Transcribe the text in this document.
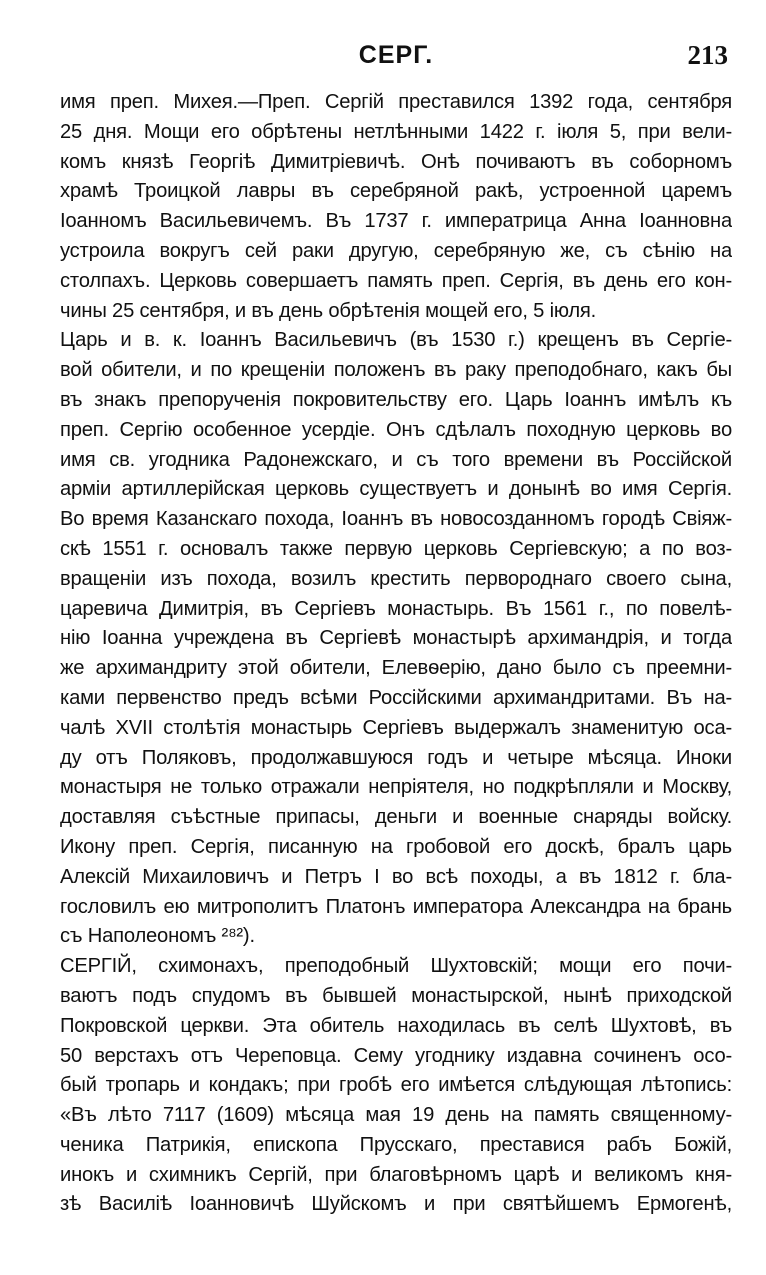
СЕРГ.	213
имя преп. Михея.—Преп. Сергій преставился 1392 года, сентября
25 дня. Мощи его обрѣтены нетлѣнными 1422 г. іюля 5, при вели-
комъ князѣ Георгіѣ Димитріевичѣ. Онѣ почиваютъ въ соборномъ
храмѣ Троицкой лавры въ серебряной ракѣ, устроенной царемъ
Іоанномъ Васильевичемъ. Въ 1737 г. императрица Анна Іоанновна
устроила вокругъ сей раки другую, серебряную же, съ сѣнію на
столпахъ. Церковь совершаетъ память преп. Сергія, въ день его кон-
чины 25 сентября, и въ день обрѣтенія мощей его, 5 іюля.
Царь и в. к. Іоаннъ Васильевичъ (въ 1530 г.) крещенъ въ Сергіе-
вой обители, и по крещеніи положенъ въ раку преподобнаго, какъ бы
въ знакъ препорученія покровительству его. Царь Іоаннъ имѣлъ къ
преп. Сергію особенное усердіе. Онъ сдѣлалъ походную церковь во
имя св. угодника Радонежскаго, и съ того времени въ Россійской
арміи артиллерійская церковь существуетъ и донынѣ во имя Сергія.
Во время Казанскаго похода, Іоаннъ въ новосозданномъ городѣ Свіяж-
скѣ 1551 г. основалъ также первую церковь Сергіевскую; а по воз-
вращеніи изъ похода, возилъ крестить первороднаго своего сына,
царевича Димитрія, въ Сергіевъ монастырь. Въ 1561 г., по повелѣ-
нію Іоанна учреждена въ Сергіевѣ монастырѣ архимандрія, и тогда
же архимандриту этой обители, Елевѳерію, дано было съ преемни-
ками первенство предъ всѣми Россійскими архимандритами. Въ на-
чалѣ XVII столѣтія монастырь Сергіевъ выдержалъ знаменитую оса-
ду отъ Поляковъ, продолжавшуюся годъ и четыре мѣсяца. Иноки
монастыря не только отражали непріятеля, но подкрѣпляли и Москву,
доставляя съѣстные припасы, деньги и военные снаряды войску.
Икону преп. Сергія, писанную на гробовой его доскѣ, бралъ царь
Алексій Михаиловичъ и Петръ І во всѣ походы, а въ 1812 г. бла-
гословилъ ею митрополитъ Платонъ императора Александра на брань
съ Наполеономъ ²⁸²).
СЕРГІЙ, схимонахъ, преподобный Шухтовскій; мощи его почи-
ваютъ подъ спудомъ въ бывшей монастырской, нынѣ приходской
Покровской церкви. Эта обитель находилась въ селѣ Шухтовѣ, въ
50 верстахъ отъ Череповца. Сему угоднику издавна сочиненъ осо-
бый тропарь и кондакъ; при гробѣ его имѣется слѣдующая лѣтопись:
«Въ лѣто 7117 (1609) мѣсяца мая 19 день на память священному-
ченика Патрикія, епископа Прусскаго, преставися рабъ Божій,
инокъ и схимникъ Сергій, при благовѣрномъ царѣ и великомъ кня-
зѣ Василіѣ Іоанновичѣ Шуйскомъ и при святѣйшемъ Ермогенѣ,
